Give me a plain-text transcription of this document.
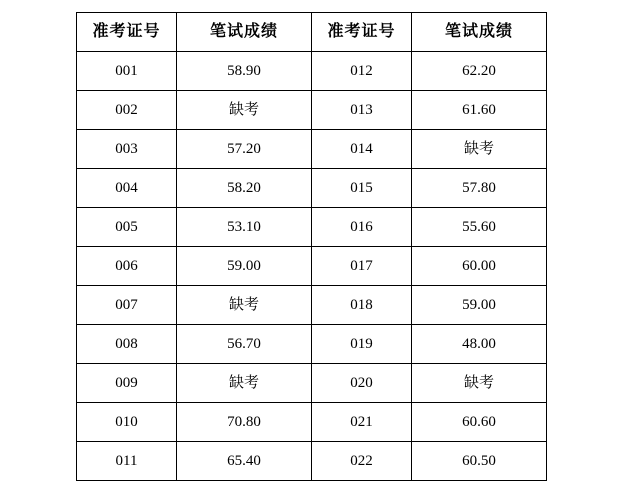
准考证号	笔试成绩	准考证号	笔试成绩
001	58.90	012	62.20
002	缺考	013	61.60
003	57.20	014	缺考
004	58.20	015	57.80
005	53.10	016	55.60
006	59.00	017	60.00
007	缺考	018	59.00
008	56.70	019	48.00
009	缺考	020	缺考
010	70.80	021	60.60
011	65.40	022	60.50
